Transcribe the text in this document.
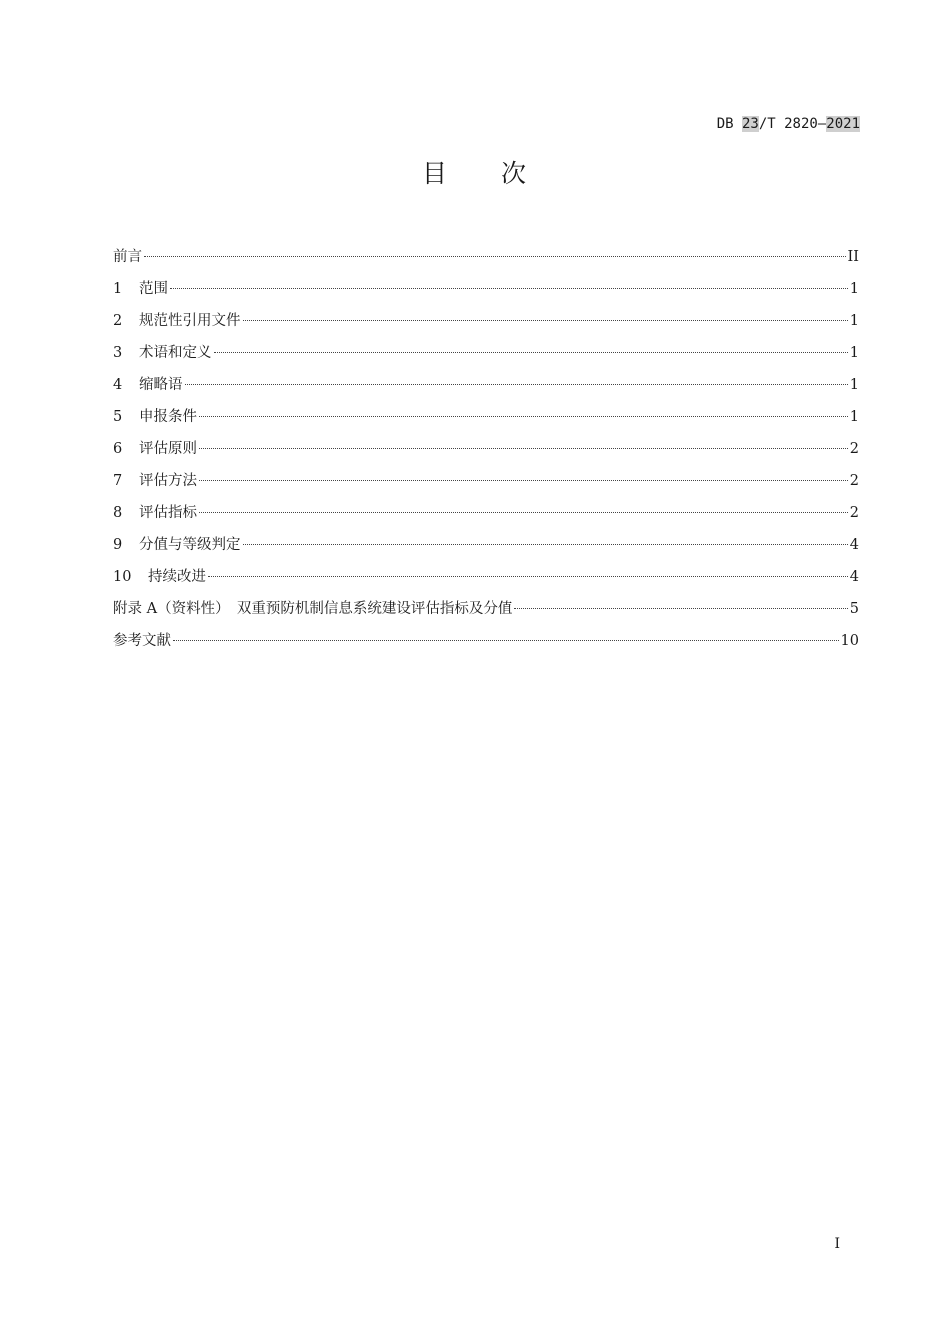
DB 23/T 2820—2021
目 次
前言	II
1	范围	1
2	规范性引用文件	1
3	术语和定义	1
4	缩略语	1
5	申报条件	1
6	评估原则	2
7	评估方法	2
8	评估指标	2
9	分值与等级判定	4
10	持续改进	4
附录 A（资料性）　双重预防机制信息系统建设评估指标及分值	5
参考文献	10
I
